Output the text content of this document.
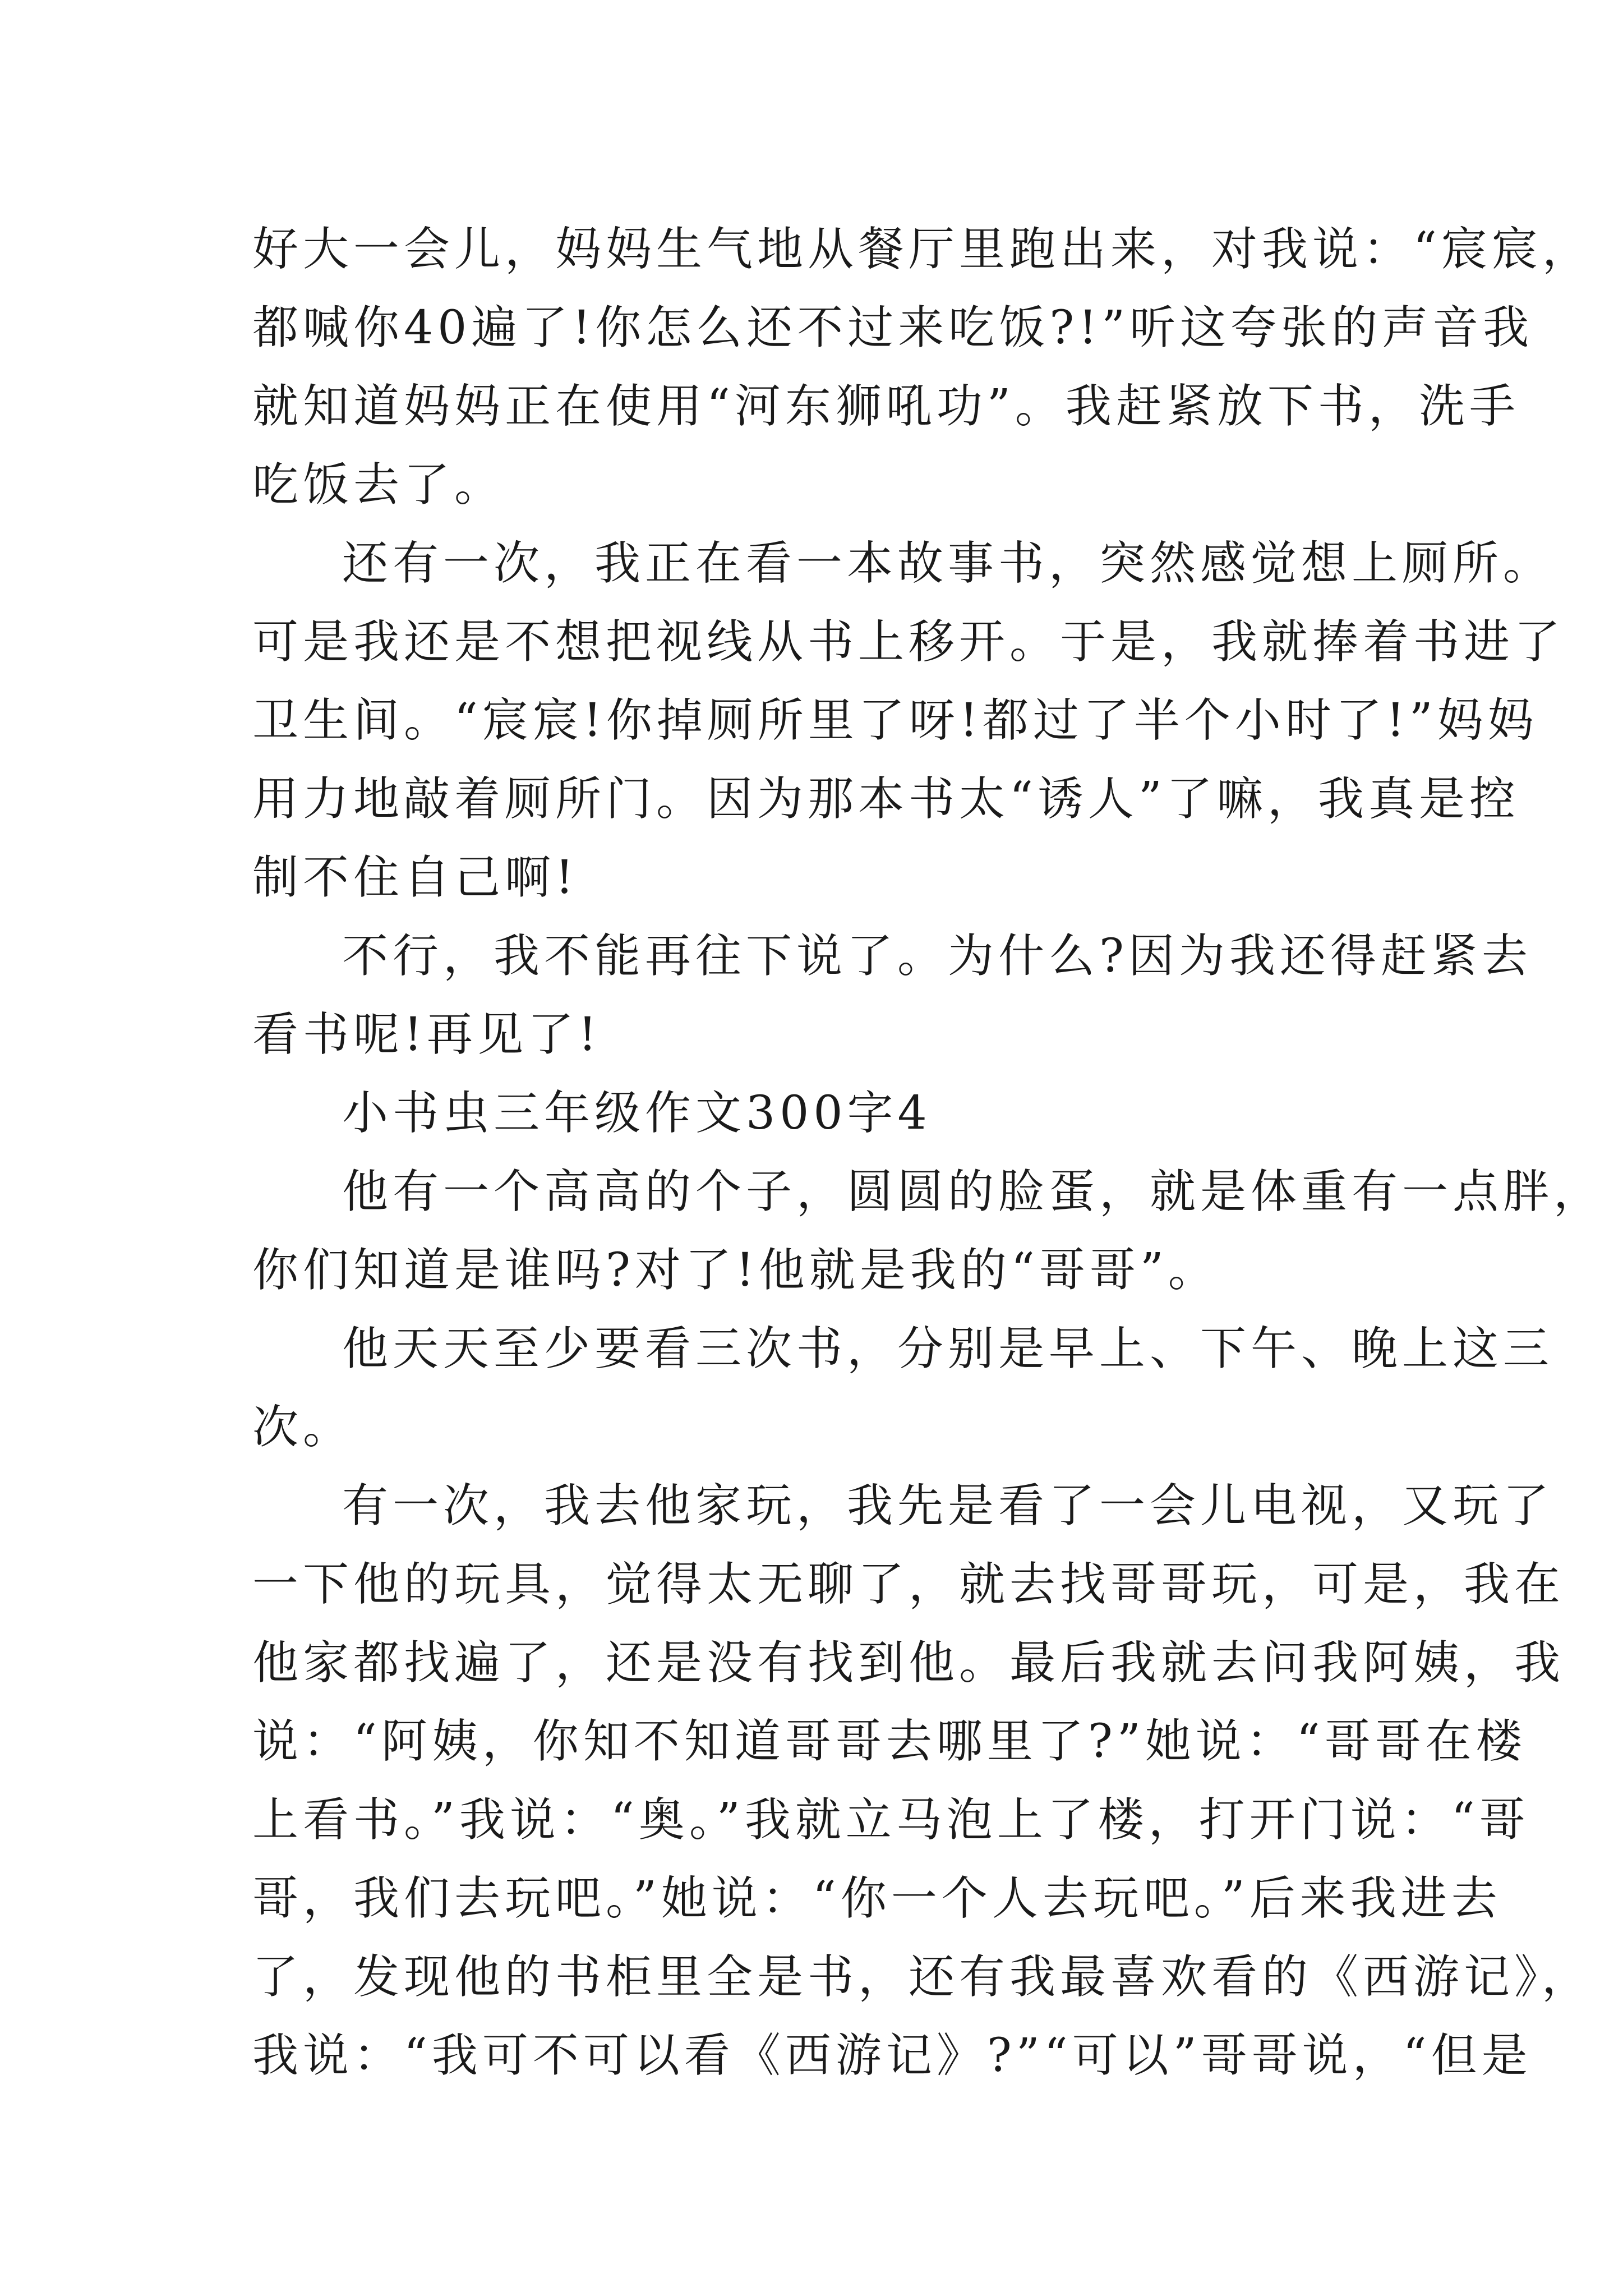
好大一会儿，妈妈生气地从餐厅里跑出来，对我说：“宸宸，
都喊你40遍了!你怎么还不过来吃饭?!”听这夸张的声音我
就知道妈妈正在使用“河东狮吼功”。我赶紧放下书，洗手
吃饭去了。
还有一次，我正在看一本故事书，突然感觉想上厕所。
可是我还是不想把视线从书上移开。于是，我就捧着书进了
卫生间。“宸宸!你掉厕所里了呀!都过了半个小时了!”妈妈
用力地敲着厕所门。因为那本书太“诱人”了嘛，我真是控
制不住自己啊!
不行，我不能再往下说了。为什么?因为我还得赶紧去
看书呢!再见了!
小书虫三年级作文300字4
他有一个高高的个子，圆圆的脸蛋，就是体重有一点胖，
你们知道是谁吗?对了!他就是我的“哥哥”。
他天天至少要看三次书，分别是早上、下午、晚上这三
次。
有一次，我去他家玩，我先是看了一会儿电视，又玩了
一下他的玩具，觉得太无聊了，就去找哥哥玩，可是，我在
他家都找遍了，还是没有找到他。最后我就去问我阿姨，我
说：“阿姨，你知不知道哥哥去哪里了?”她说：“哥哥在楼
上看书。”我说：“奥。”我就立马泡上了楼，打开门说：“哥
哥，我们去玩吧。”她说：“你一个人去玩吧。”后来我进去
了，发现他的书柜里全是书，还有我最喜欢看的《西游记》，
我说：“我可不可以看《西游记》?”“可以”哥哥说，“但是
